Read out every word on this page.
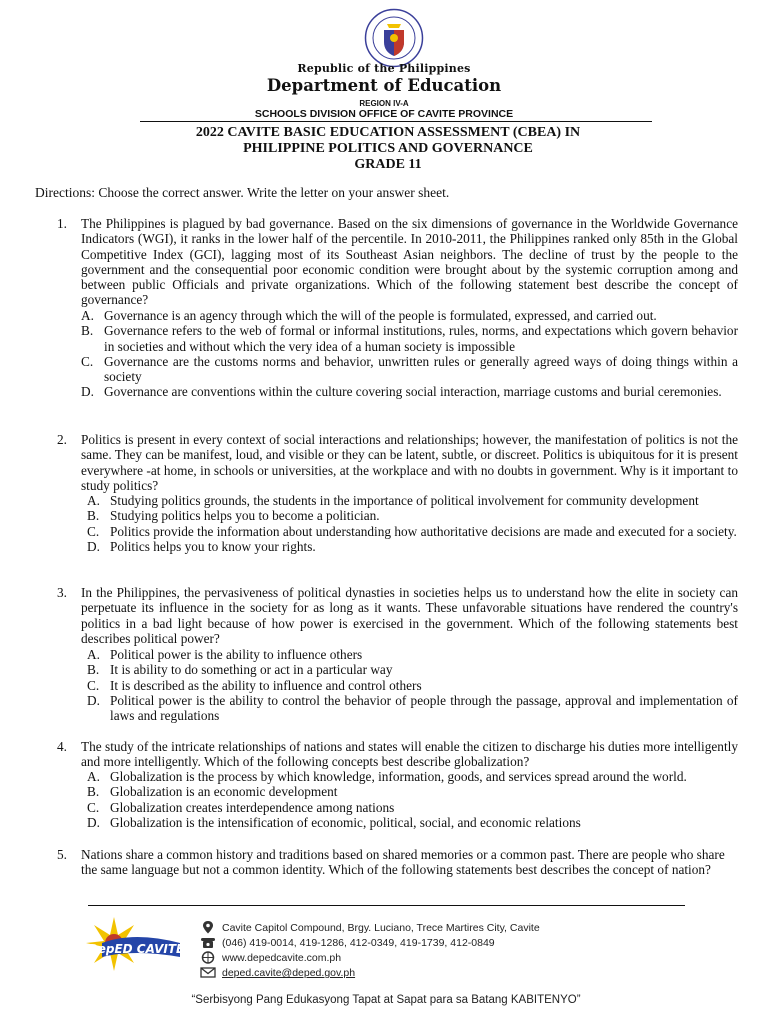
Republic of the Philippines
Department of Education
REGION IV-A
SCHOOLS DIVISION OFFICE OF CAVITE PROVINCE
2022 CAVITE BASIC EDUCATION ASSESSMENT (CBEA) IN
PHILIPPINE POLITICS AND GOVERNANCE
GRADE 11
Directions: Choose the correct answer. Write the letter on your answer sheet.
1. The Philippines is plagued by bad governance. Based on the six dimensions of governance in the Worldwide Governance Indicators (WGI), it ranks in the lower half of the percentile. In 2010-2011, the Philippines ranked only 85th in the Global Competitive Index (GCI), lagging most of its Southeast Asian neighbors. The decline of trust by the people to the government and the consequential poor economic condition were brought about by the systemic corruption among and between public Officials and private organizations. Which of the following statement best describe the concept of governance?
A. Governance is an agency through which the will of the people is formulated, expressed, and carried out.
B. Governance refers to the web of formal or informal institutions, rules, norms, and expectations which govern behavior in societies and without which the very idea of a human society is impossible
C. Governance are the customs norms and behavior, unwritten rules or generally agreed ways of doing things within a society
D. Governance are conventions within the culture covering social interaction, marriage customs and burial ceremonies.
2. Politics is present in every context of social interactions and relationships; however, the manifestation of politics is not the same. They can be manifest, loud, and visible or they can be latent, subtle, or discreet. Politics is ubiquitous for it is present everywhere -at home, in schools or universities, at the workplace and with no doubts in government. Why is it important to study politics?
A. Studying politics grounds, the students in the importance of political involvement for community development
B. Studying politics helps you to become a politician.
C. Politics provide the information about understanding how authoritative decisions are made and executed for a society.
D. Politics helps you to know your rights.
3. In the Philippines, the pervasiveness of political dynasties in societies helps us to understand how the elite in society can perpetuate its influence in the society for as long as it wants. These unfavorable situations have rendered the country's politics in a bad light because of how power is exercised in the government. Which of the following statements best describes political power?
A. Political power is the ability to influence others
B. It is ability to do something or act in a particular way
C. It is described as the ability to influence and control others
D. Political power is the ability to control the behavior of people through the passage, approval and implementation of laws and regulations
4. The study of the intricate relationships of nations and states will enable the citizen to discharge his duties more intelligently and more intelligently. Which of the following concepts best describe globalization?
A. Globalization is the process by which knowledge, information, goods, and services spread around the world.
B. Globalization is an economic development
C. Globalization creates interdependence among nations
D. Globalization is the intensification of economic, political, social, and economic relations
5. Nations share a common history and traditions based on shared memories or a common past. There are people who share the same language but not a common identity. Which of the following statements best describes the concept of nation?
DepED CAVITE
Cavite Capitol Compound, Brgy. Luciano, Trece Martires City, Cavite
(046) 419-0014, 419-1286, 412-0349, 419-1739, 412-0849
www.depedcavite.com.ph
deped.cavite@deped.gov.ph
“Serbisyong Pang Edukasyong Tapat at Sapat para sa Batang KABITENYO”
